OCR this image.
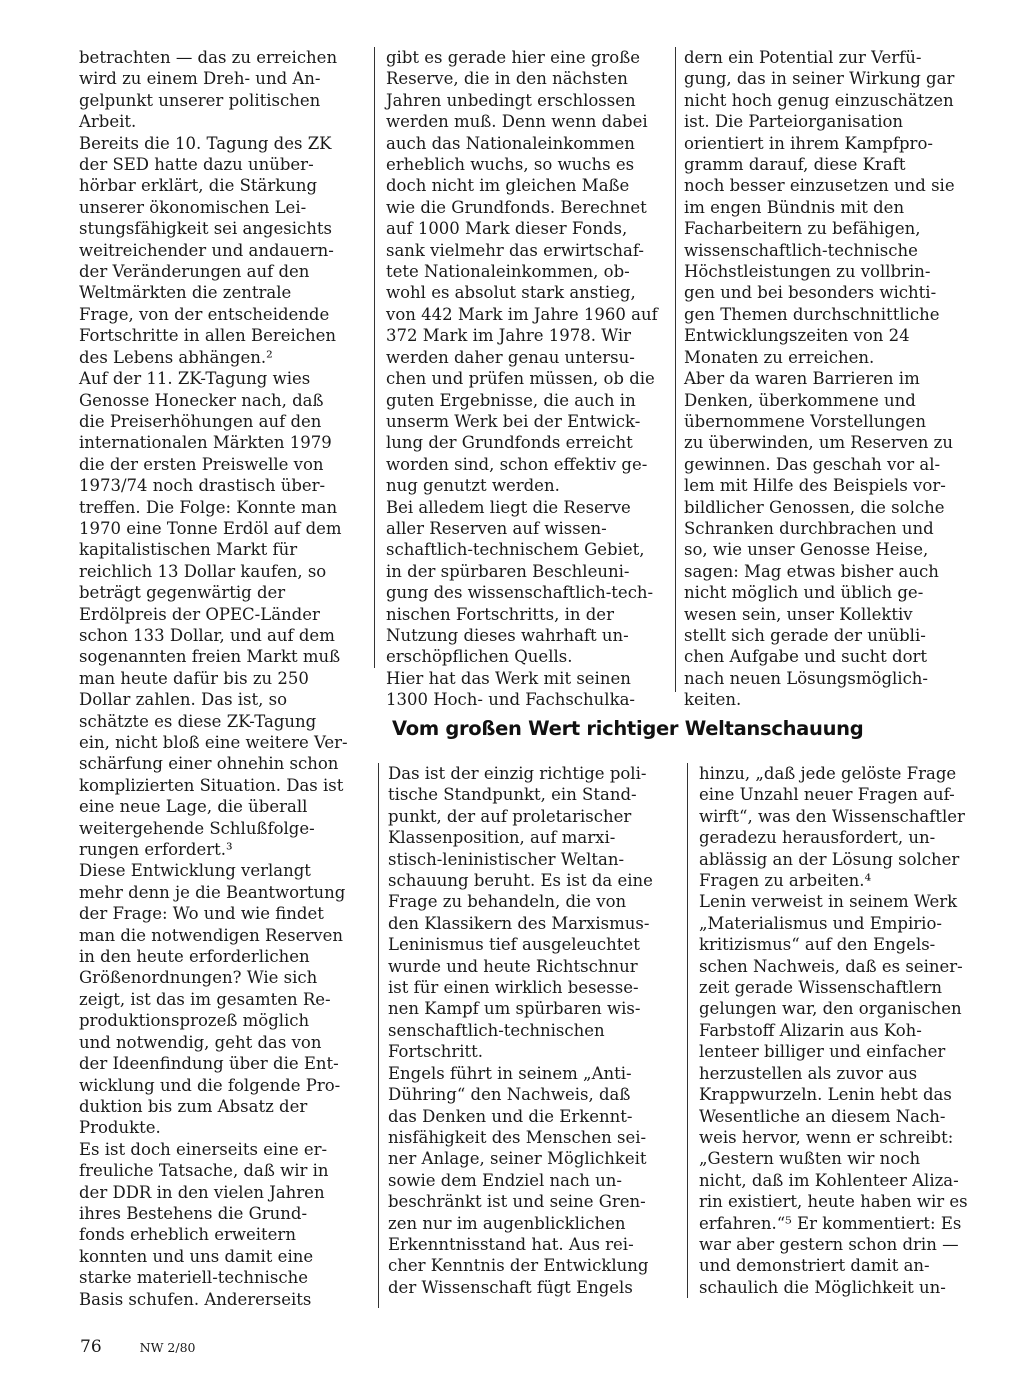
betrachten — das zu erreichen

wird zu einem Dreh- und An-

gelpunkt unserer politischen

Arbeit.

Bereits die 10. Tagung des ZK

der SED hatte dazu unüber-

hörbar erklärt, die Stärkung

unserer ökonomischen Lei-

stungsfähigkeit sei angesichts

weitreichender und andauern-

der Veränderungen auf den

Weltmärkten die zentrale

Frage, von der entscheidende

Fortschritte in allen Bereichen

des Lebens abhängen.²

Auf der 11. ZK-Tagung wies

Genosse Honecker nach, daß

die Preiserhöhungen auf den

internationalen Märkten 1979

die der ersten Preiswelle von

1973/74 noch drastisch über-

treffen. Die Folge: Konnte man

1970 eine Tonne Erdöl auf dem

kapitalistischen Markt für

reichlich 13 Dollar kaufen, so

beträgt gegenwärtig der

Erdölpreis der OPEC-Länder

schon 133 Dollar, und auf dem

sogenannten freien Markt muß

man heute dafür bis zu 250

Dollar zahlen. Das ist, so

schätzte es diese ZK-Tagung

ein, nicht bloß eine weitere Ver-

schärfung einer ohnehin schon

komplizierten Situation. Das ist

eine neue Lage, die überall

weitergehende Schlußfolge-

rungen erfordert.³

Diese Entwicklung verlangt

mehr denn je die Beantwortung

der Frage: Wo und wie findet

man die notwendigen Reserven

in den heute erforderlichen

Größenordnungen? Wie sich

zeigt, ist das im gesamten Re-

produktionsprozeß möglich

und notwendig, geht das von

der Ideenfindung über die Ent-

wicklung und die folgende Pro-

duktion bis zum Absatz der

Produkte.

Es ist doch einerseits eine er-

freuliche Tatsache, daß wir in

der DDR in den vielen Jahren

ihres Bestehens die Grund-

fonds erheblich erweitern

konnten und uns damit eine

starke materiell-technische

Basis schufen. Andererseits

gibt es gerade hier eine große

Reserve, die in den nächsten

Jahren unbedingt erschlossen

werden muß. Denn wenn dabei

auch das Nationaleinkommen

erheblich wuchs, so wuchs es

doch nicht im gleichen Maße

wie die Grundfonds. Berechnet

auf 1000 Mark dieser Fonds,

sank vielmehr das erwirtschaf-

tete Nationaleinkommen, ob-

wohl es absolut stark anstieg,

von 442 Mark im Jahre 1960 auf

372 Mark im Jahre 1978. Wir

werden daher genau untersu-

chen und prüfen müssen, ob die

guten Ergebnisse, die auch in

unserm Werk bei der Entwick-

lung der Grundfonds erreicht

worden sind, schon effektiv ge-

nug genutzt werden.

Bei alledem liegt die Reserve

aller Reserven auf wissen-

schaftlich-technischem Gebiet,

in der spürbaren Beschleuni-

gung des wissenschaftlich-tech-

nischen Fortschritts, in der

Nutzung dieses wahrhaft un-

erschöpflichen Quells.

Hier hat das Werk mit seinen

1300 Hoch- und Fachschulka-

dern ein Potential zur Verfü-

gung, das in seiner Wirkung gar

nicht hoch genug einzuschätzen

ist. Die Parteiorganisation

orientiert in ihrem Kampfpro-

gramm darauf, diese Kraft

noch besser einzusetzen und sie

im engen Bündnis mit den

Facharbeitern zu befähigen,

wissenschaftlich-technische

Höchstleistungen zu vollbrin-

gen und bei besonders wichti-

gen Themen durchschnittliche

Entwicklungszeiten von 24

Monaten zu erreichen.

Aber da waren Barrieren im

Denken, überkommene und

übernommene Vorstellungen

zu überwinden, um Reserven zu

gewinnen. Das geschah vor al-

lem mit Hilfe des Beispiels vor-

bildlicher Genossen, die solche

Schranken durchbrachen und

so, wie unser Genosse Heise,

sagen: Mag etwas bisher auch

nicht möglich und üblich ge-

wesen sein, unser Kollektiv

stellt sich gerade der unübli-

chen Aufgabe und sucht dort

nach neuen Lösungsmöglich-

keiten.

Vom großen Wert richtiger Weltanschauung

Das ist der einzig richtige poli-

tische Standpunkt, ein Stand-

punkt, der auf proletarischer

Klassenposition, auf marxi-

stisch-leninistischer Weltan-

schauung beruht. Es ist da eine

Frage zu behandeln, die von

den Klassikern des Marxismus-

Leninismus tief ausgeleuchtet

wurde und heute Richtschnur

ist für einen wirklich besesse-

nen Kampf um spürbaren wis-

senschaftlich-technischen

Fortschritt.

Engels führt in seinem „Anti-

Dühring“ den Nachweis, daß

das Denken und die Erkennt-

nisfähigkeit des Menschen sei-

ner Anlage, seiner Möglichkeit

sowie dem Endziel nach un-

beschränkt ist und seine Gren-

zen nur im augenblicklichen

Erkenntnisstand hat. Aus rei-

cher Kenntnis der Entwicklung

der Wissenschaft fügt Engels

hinzu, „daß jede gelöste Frage

eine Unzahl neuer Fragen auf-

wirft“, was den Wissenschaftler

geradezu herausfordert, un-

ablässig an der Lösung solcher

Fragen zu arbeiten.⁴

Lenin verweist in seinem Werk

„Materialismus und Empirio-

kritizismus“ auf den Engels-

schen Nachweis, daß es seiner-

zeit gerade Wissenschaftlern

gelungen war, den organischen

Farbstoff Alizarin aus Koh-

lenteer billiger und einfacher

herzustellen als zuvor aus

Krappwurzeln. Lenin hebt das

Wesentliche an diesem Nach-

weis hervor, wenn er schreibt:

„Gestern wußten wir noch

nicht, daß im Kohlenteer Aliza-

rin existiert, heute haben wir es

erfahren.“⁵ Er kommentiert: Es

war aber gestern schon drin —

und demonstriert damit an-

schaulich die Möglichkeit un-

76	NW 2/80
